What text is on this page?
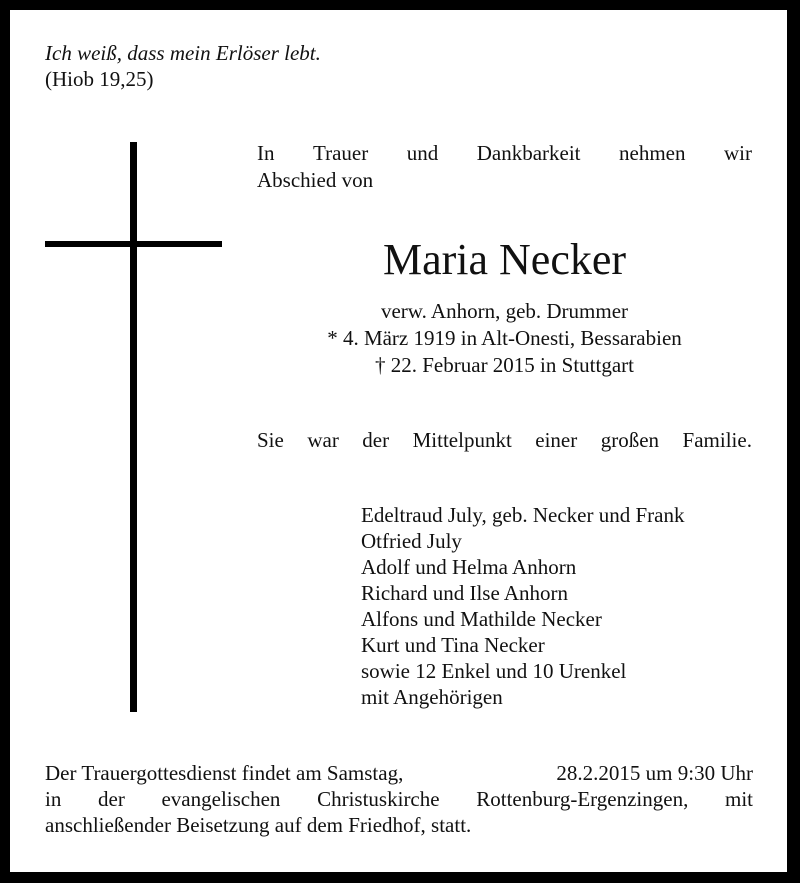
Ich weiß, dass mein Erlöser lebt.
(Hiob 19,25)
In Trauer und Dankbarkeit nehmen wir
Abschied von
Maria Necker
verw. Anhorn, geb. Drummer
* 4. März 1919 in Alt-Onesti, Bessarabien
† 22. Februar 2015 in Stuttgart
Sie war der Mittelpunkt einer großen Familie.
Edeltraud July, geb. Necker und Frank
Otfried July
Adolf und Helma Anhorn
Richard und Ilse Anhorn
Alfons und Mathilde Necker
Kurt und Tina Necker
sowie 12 Enkel und 10 Urenkel
mit Angehörigen
Der Trauergottesdienst findet am Samstag,	28.2.2015 um 9:30 Uhr
in der evangelischen Christuskirche Rottenburg-Ergenzingen, mit
anschließender Beisetzung auf dem Friedhof, statt.
